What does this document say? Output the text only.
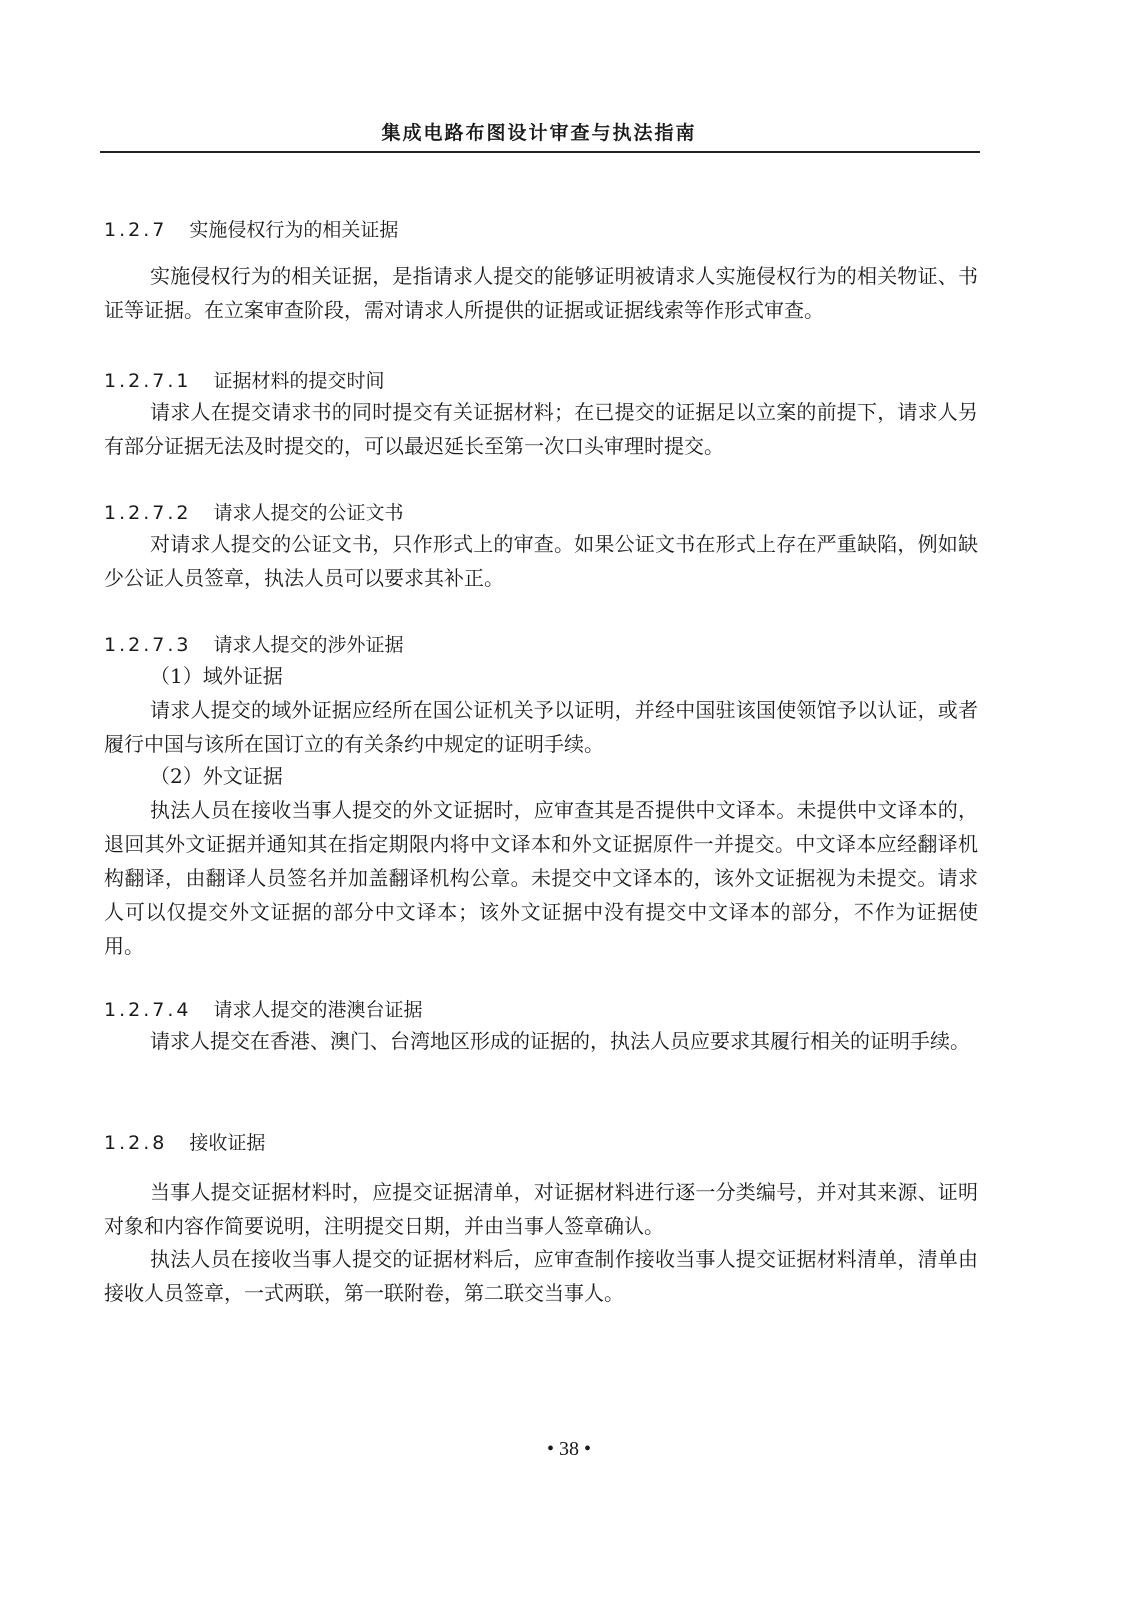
集成电路布图设计审查与执法指南
1.2.7 实施侵权行为的相关证据

实施侵权行为的相关证据，是指请求人提交的能够证明被请求人实施侵权行为的相关物证、书证等证据。在立案审查阶段，需对请求人所提供的证据或证据线索等作形式审查。

1.2.7.1 证据材料的提交时间

请求人在提交请求书的同时提交有关证据材料；在已提交的证据足以立案的前提下，请求人另有部分证据无法及时提交的，可以最迟延长至第一次口头审理时提交。

1.2.7.2 请求人提交的公证文书

对请求人提交的公证文书，只作形式上的审查。如果公证文书在形式上存在严重缺陷，例如缺少公证人员签章，执法人员可以要求其补正。

1.2.7.3 请求人提交的涉外证据

（1）域外证据

请求人提交的域外证据应经所在国公证机关予以证明，并经中国驻该国使领馆予以认证，或者履行中国与该所在国订立的有关条约中规定的证明手续。

（2）外文证据

执法人员在接收当事人提交的外文证据时，应审查其是否提供中文译本。未提供中文译本的，退回其外文证据并通知其在指定期限内将中文译本和外文证据原件一并提交。中文译本应经翻译机构翻译，由翻译人员签名并加盖翻译机构公章。未提交中文译本的，该外文证据视为未提交。请求人可以仅提交外文证据的部分中文译本；该外文证据中没有提交中文译本的部分，不作为证据使用。

1.2.7.4 请求人提交的港澳台证据

请求人提交在香港、澳门、台湾地区形成的证据的，执法人员应要求其履行相关的证明手续。

1.2.8 接收证据

当事人提交证据材料时，应提交证据清单，对证据材料进行逐一分类编号，并对其来源、证明对象和内容作简要说明，注明提交日期，并由当事人签章确认。

执法人员在接收当事人提交的证据材料后，应审查制作接收当事人提交证据材料清单，清单由接收人员签章，一式两联，第一联附卷，第二联交当事人。

• 38 •
